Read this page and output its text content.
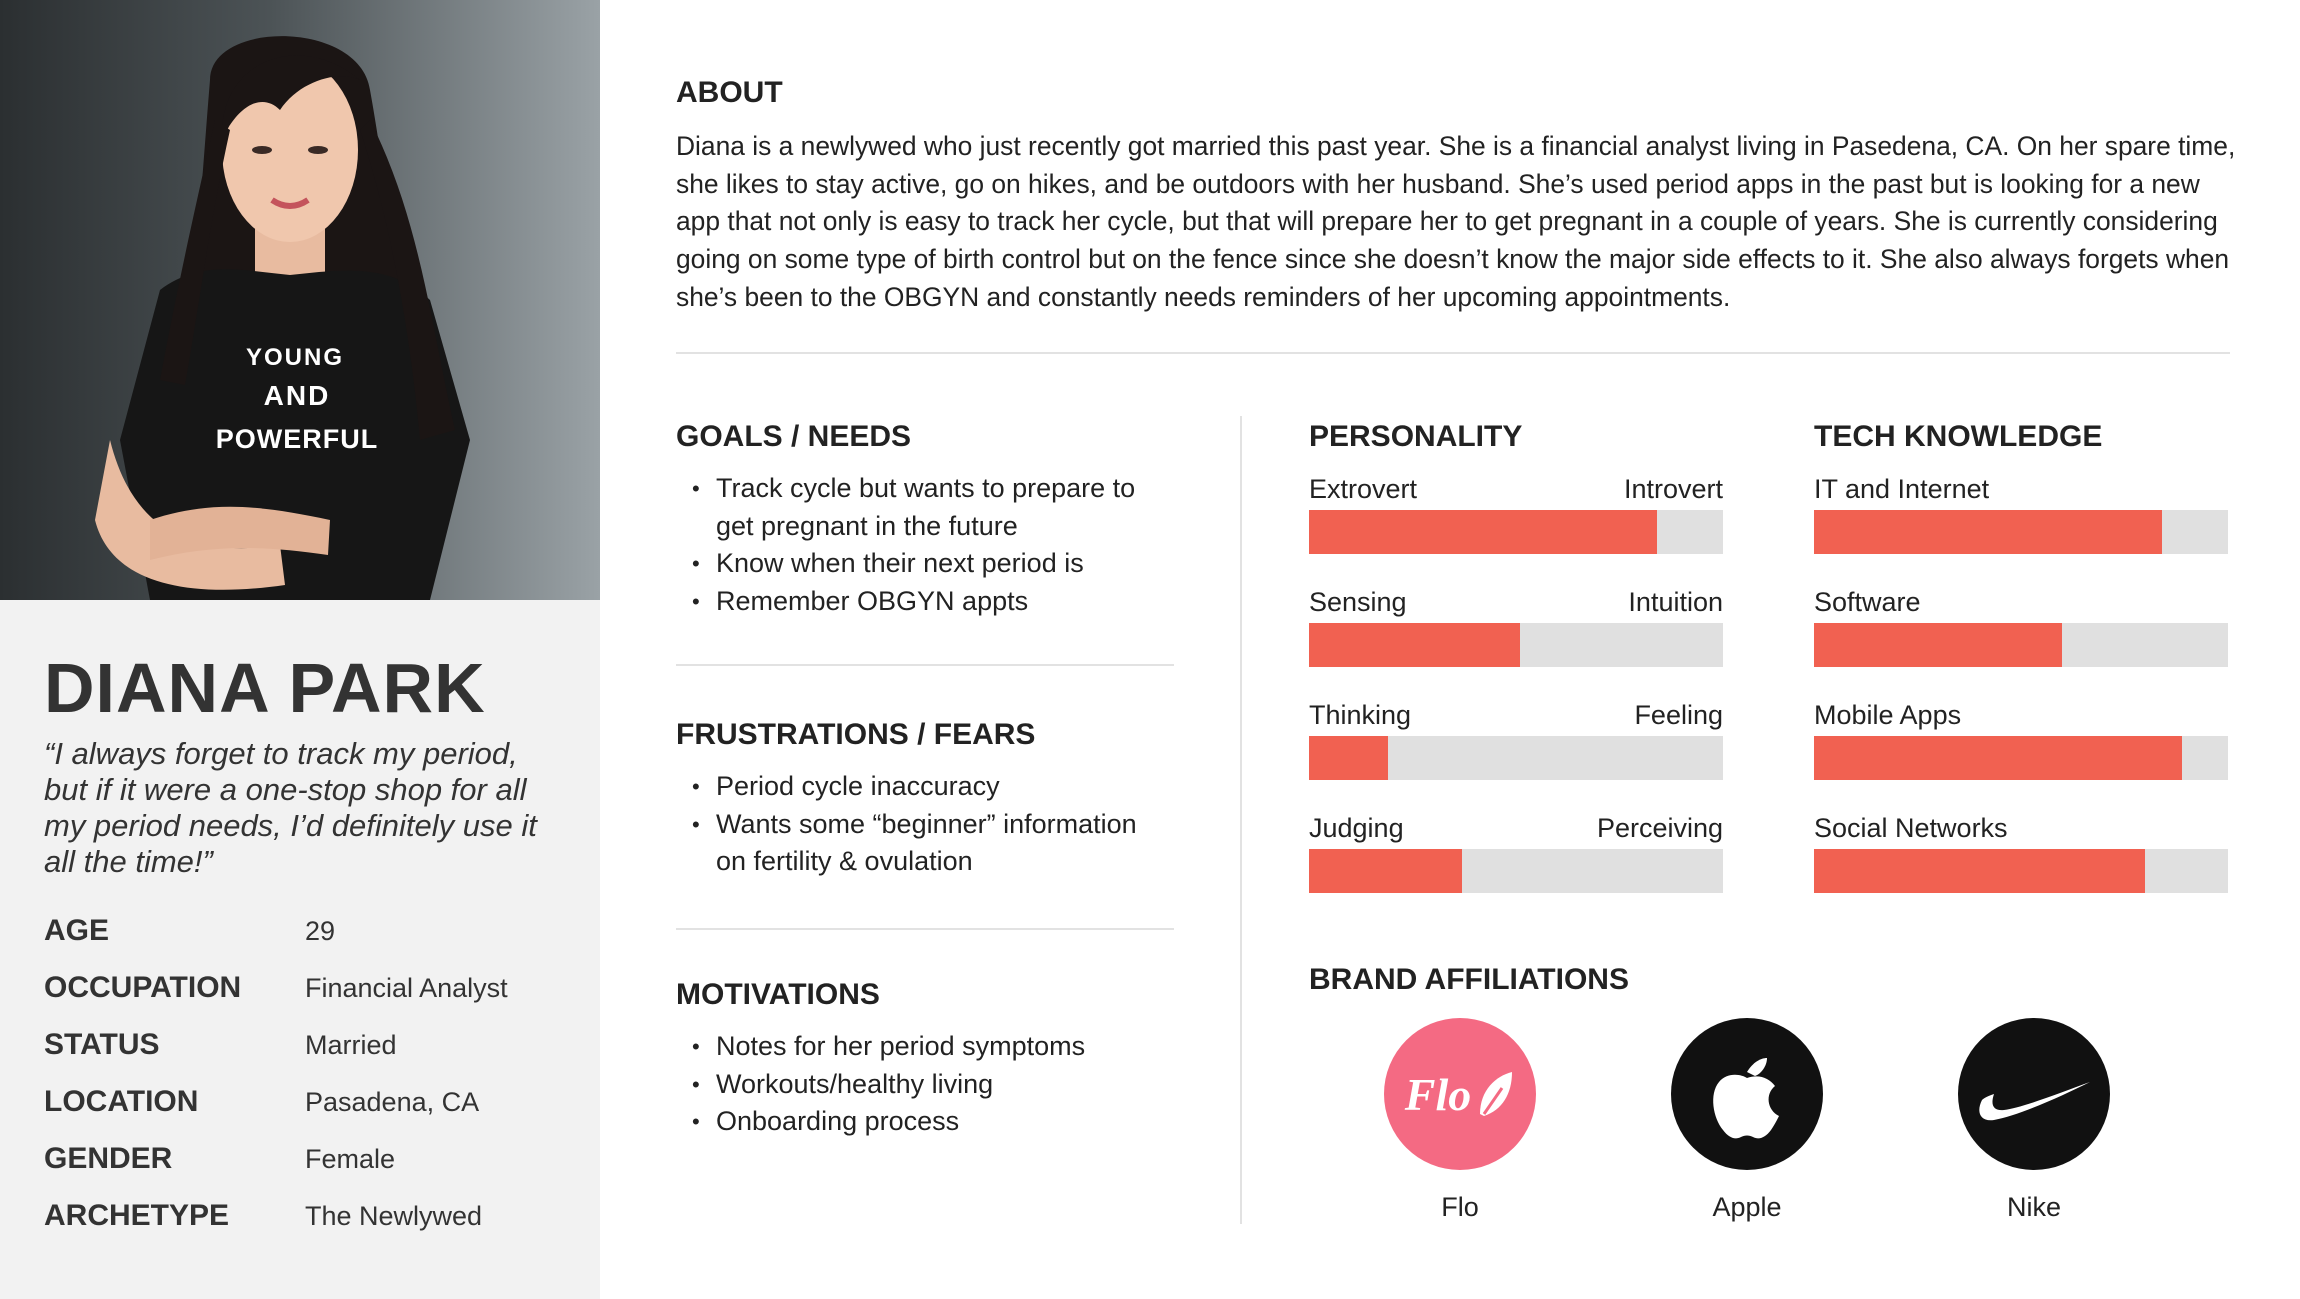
YOUNG
AND
POWERFUL
DIANA PARK
“I always forget to track my period, but if it were a one-stop shop for all my period needs, I’d definitely use it all the time!”
AGE	29
OCCUPATION Financial Analyst
STATUS	Married
LOCATION	Pasadena, CA
GENDER	Female
ARCHETYPE	The Newlywed
ABOUT
Diana is a newlywed who just recently got married this past year. She is a financial analyst living in Pasedena, CA. On her spare time, she likes to stay active, go on hikes, and be outdoors with her husband. She’s used period apps in the past but is looking for a new app that not only is easy to track her cycle, but that will prepare her to get pregnant in a couple of years. She is currently considering going on some type of birth control but on the fence since she doesn’t know the major side effects to it. She also always forgets when she’s been to the OBGYN and constantly needs reminders of her upcoming appointments.
GOALS / NEEDS
• Track cycle but wants to prepare to get pregnant in the future
• Know when their next period is
• Remember OBGYN appts
FRUSTRATIONS / FEARS
• Period cycle inaccuracy
• Wants some “beginner” information on fertility & ovulation
MOTIVATIONS
• Notes for her period symptoms
• Workouts/healthy living
• Onboarding process
PERSONALITY
Extrovert	Introvert
Sensing	Intuition
Thinking	Feeling
Judging	Perceiving
TECH KNOWLEDGE
IT and Internet
Software
Mobile Apps
Social Networks
BRAND AFFILIATIONS
Flo
Flo	Apple	Nike
